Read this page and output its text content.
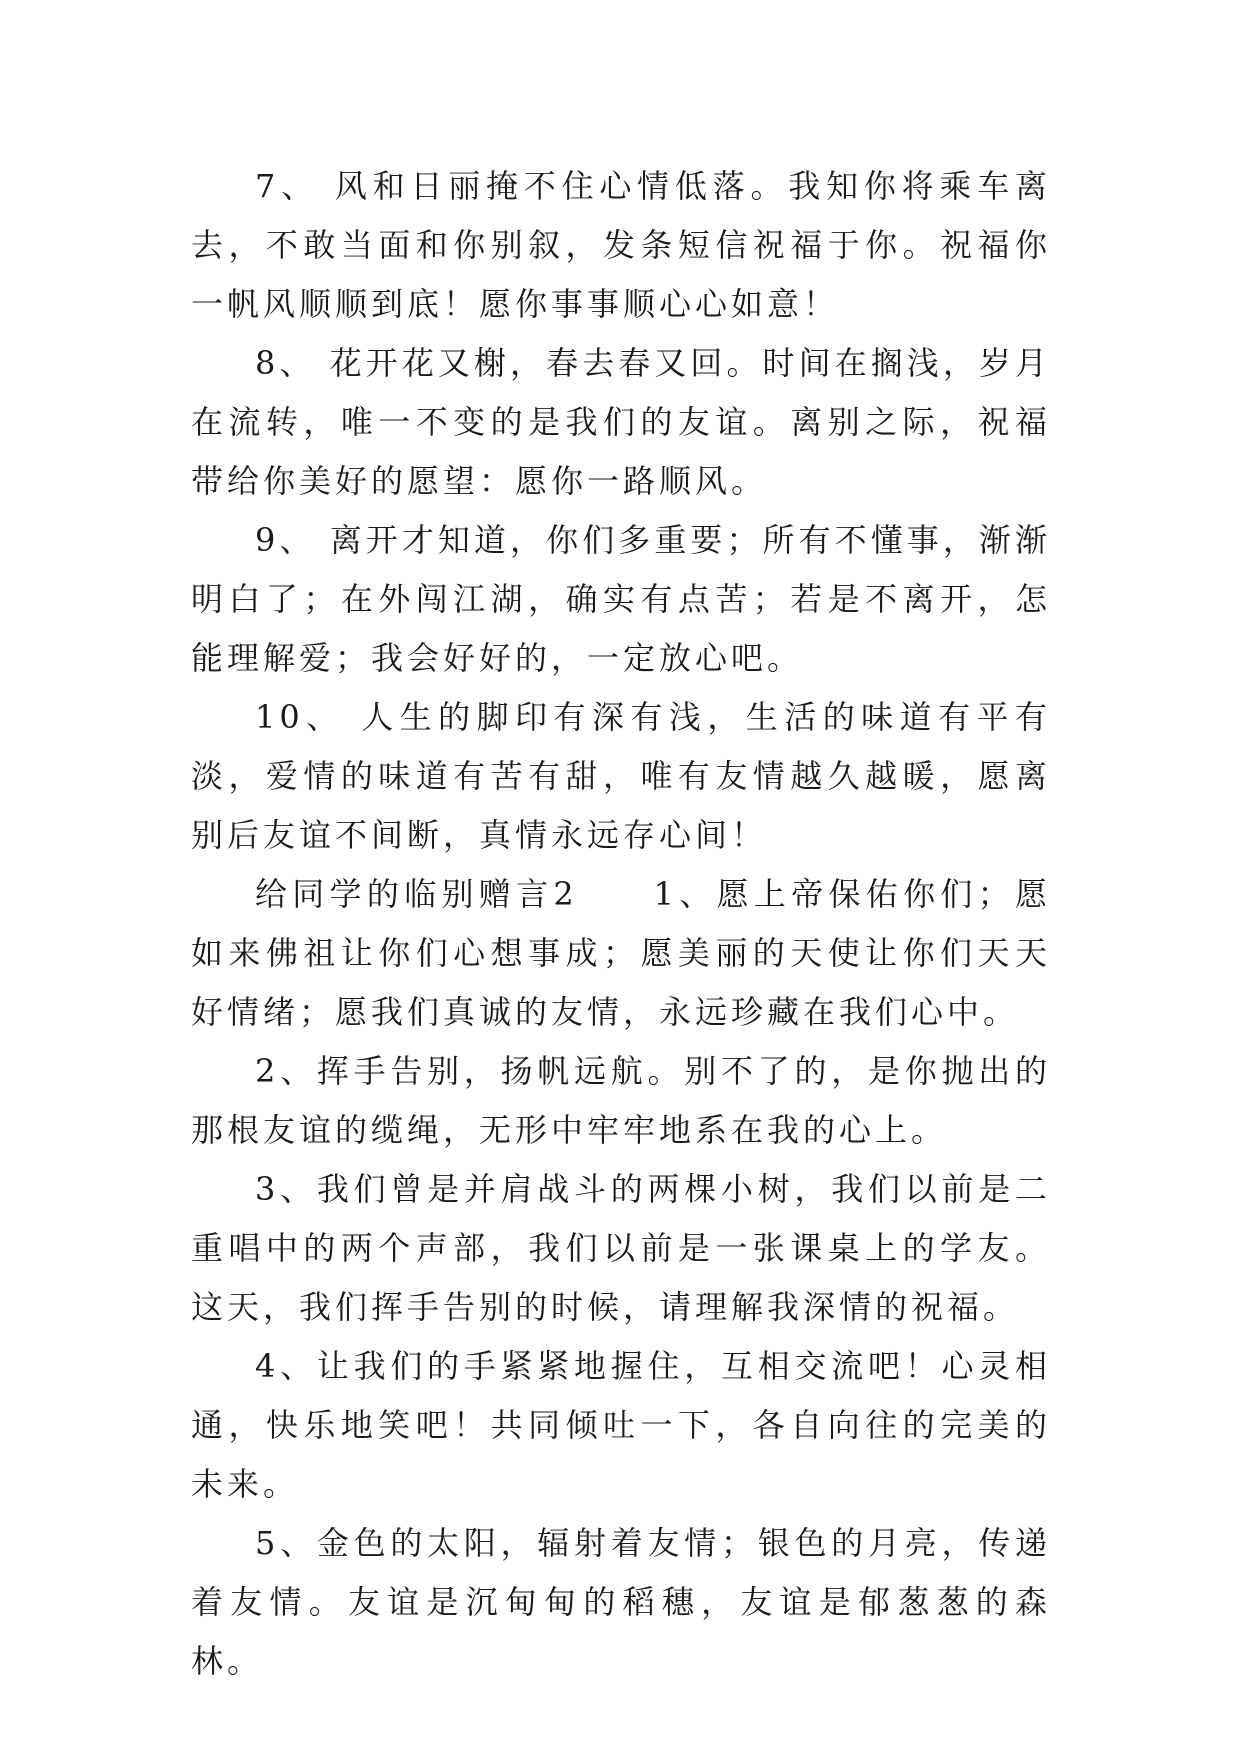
7、 风和日丽掩不住心情低落。我知你将乘车离去，不敢当面和你别叙，发条短信祝福于你。祝福你一帆风顺顺到底！愿你事事顺心心如意！

8、 花开花又榭，春去春又回。时间在搁浅，岁月在流转，唯一不变的是我们的友谊。离别之际，祝福带给你美好的愿望：愿你一路顺风。

9、 离开才知道，你们多重要；所有不懂事，渐渐明白了；在外闯江湖，确实有点苦；若是不离开，怎能理解爱；我会好好的，一定放心吧。

10、 人生的脚印有深有浅，生活的味道有平有淡，爱情的味道有苦有甜，唯有友情越久越暖，愿离别后友谊不间断，真情永远存心间！

给同学的临别赠言2　　1、愿上帝保佑你们；愿如来佛祖让你们心想事成；愿美丽的天使让你们天天好情绪；愿我们真诚的友情，永远珍藏在我们心中。

2、挥手告别，扬帆远航。别不了的，是你抛出的那根友谊的缆绳，无形中牢牢地系在我的心上。

3、我们曾是并肩战斗的两棵小树，我们以前是二重唱中的两个声部，我们以前是一张课桌上的学友。这天，我们挥手告别的时候，请理解我深情的祝福。

4、让我们的手紧紧地握住，互相交流吧！心灵相通，快乐地笑吧！共同倾吐一下，各自向往的完美的未来。

5、金色的太阳，辐射着友情；银色的月亮，传递着友情。友谊是沉甸甸的稻穗，友谊是郁葱葱的森林。
